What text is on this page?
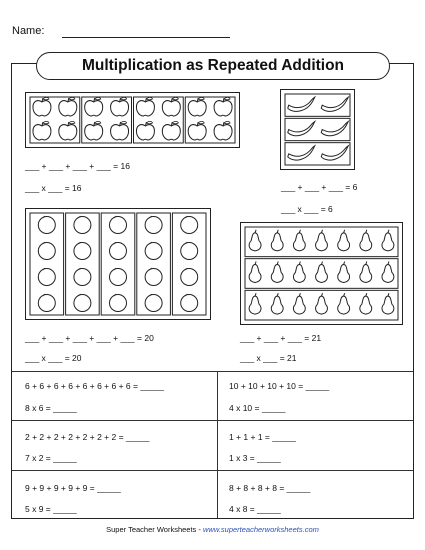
Name:
Multiplication as Repeated Addition
___ + ___ + ___ + ___ = 16
___ x ___ = 16	___ + ___ + ___ = 6
___ x ___ = 6
___ + ___ + ___ + ___ + ___ = 20
___ x ___ = 20
___ + ___ + ___ = 21
___ x ___ = 21
6 + 6 + 6 + 6 + 6 + 6 + 6 + 6 = _____
8 x 6 = _____
10 + 10 + 10 + 10 = _____
4 x 10 = _____
2 + 2 + 2 + 2 + 2 + 2 + 2 = _____
7 x 2 = _____
1 + 1 + 1 = _____
1 x 3 = _____
9 + 9 + 9 + 9 + 9 = _____
5 x 9 = _____
8 + 8 + 8 + 8 = _____
4 x 8 = _____
Super Teacher Worksheets - www.superteacherworksheets.com
